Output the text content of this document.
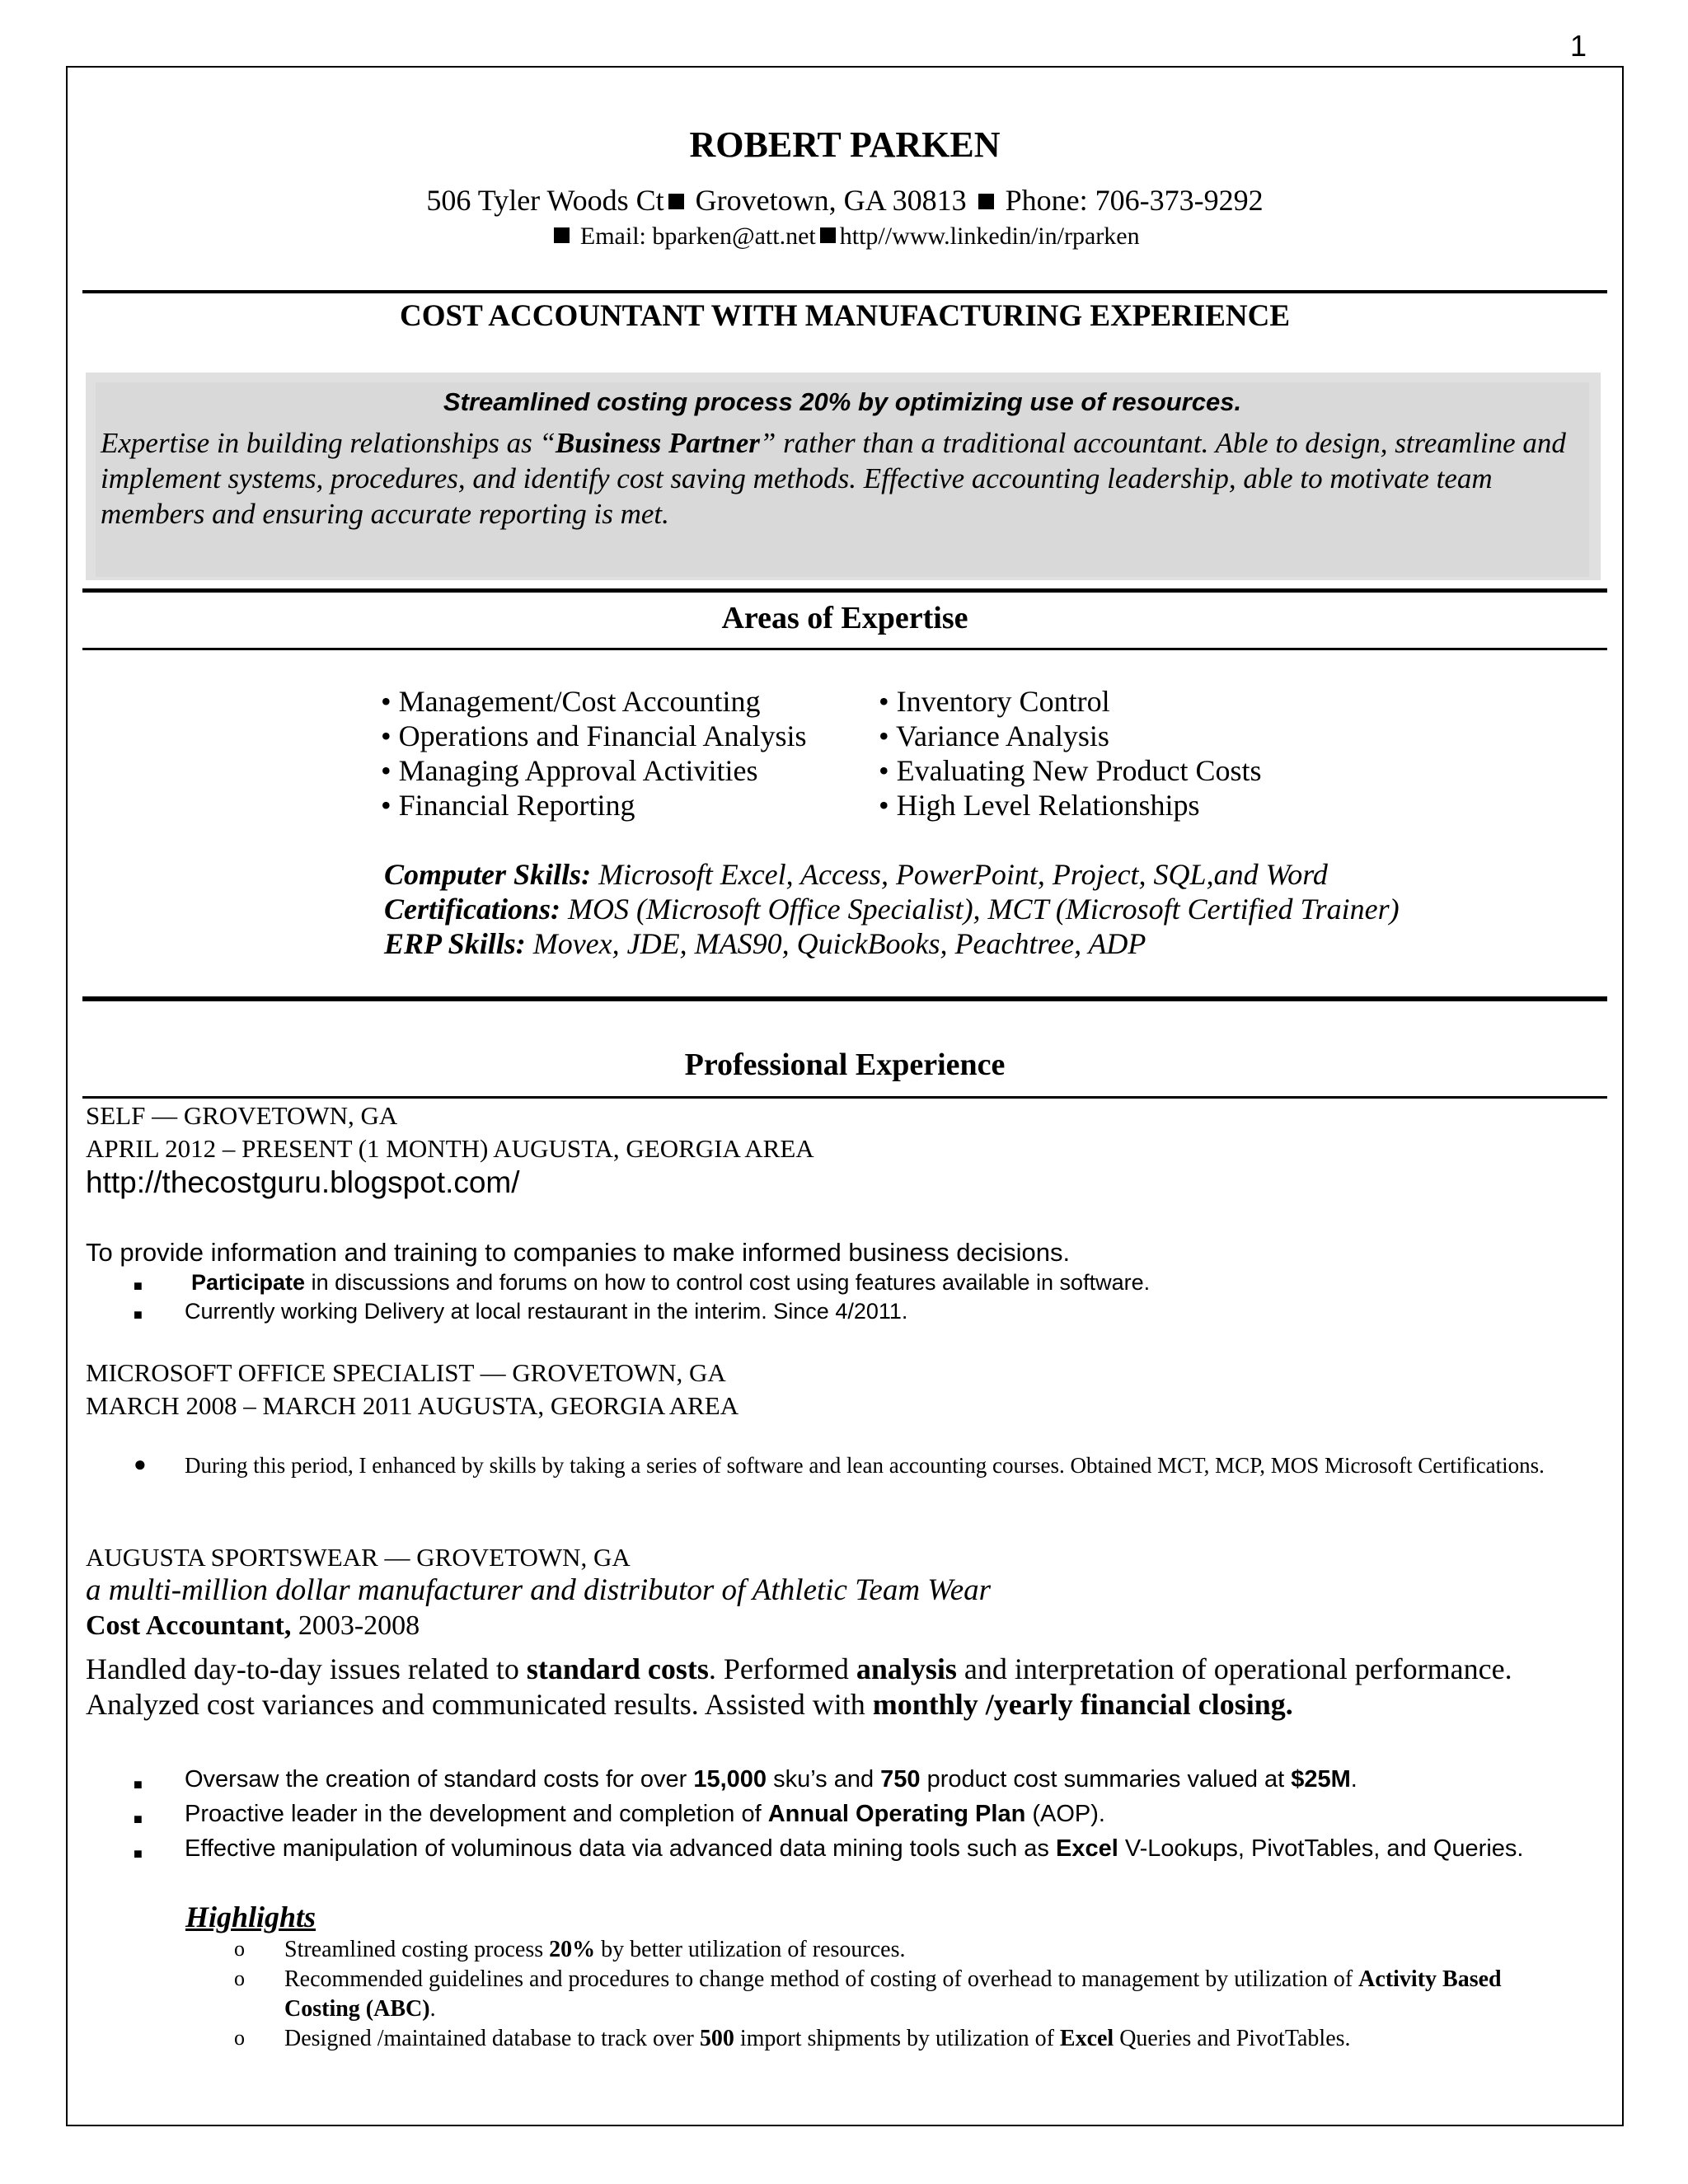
1
ROBERT PARKEN
506 Tyler Woods Ct Grovetown, GA 30813 Phone: 706-373-9292
Email: bparken@att.net http//www.linkedin/in/rparken
COST ACCOUNTANT WITH MANUFACTURING EXPERIENCE
Streamlined costing process 20% by optimizing use of resources.
Expertise in building relationships as “Business Partner” rather than a traditional accountant. Able to design, streamline and implement systems, procedures, and identify cost saving methods. Effective accounting leadership, able to motivate team members and ensuring accurate reporting is met.
Areas of Expertise
• Management/Cost Accounting
• Operations and Financial Analysis
• Managing Approval Activities
• Financial Reporting
• Inventory Control
• Variance Analysis
• Evaluating New Product Costs
• High Level Relationships
Computer Skills: Microsoft Excel, Access, PowerPoint, Project, SQL,and Word
Certifications: MOS (Microsoft Office Specialist), MCT (Microsoft Certified Trainer)
ERP Skills: Movex, JDE, MAS90, QuickBooks, Peachtree, ADP
Professional Experience
SELF — GROVETOWN, GA
APRIL 2012 – PRESENT (1 MONTH) AUGUSTA, GEORGIA AREA
http://thecostguru.blogspot.com/
To provide information and training to companies to make informed business decisions.
■ Participate in discussions and forums on how to control cost using features available in software.
■ Currently working Delivery at local restaurant in the interim. Since 4/2011.
MICROSOFT OFFICE SPECIALIST — GROVETOWN, GA
MARCH 2008 – MARCH 2011 AUGUSTA, GEORGIA AREA
● During this period, I enhanced by skills by taking a series of software and lean accounting courses. Obtained MCT, MCP, MOS Microsoft Certifications.
AUGUSTA SPORTSWEAR — GROVETOWN, GA
a multi-million dollar manufacturer and distributor of Athletic Team Wear
Cost Accountant, 2003-2008
Handled day-to-day issues related to standard costs. Performed analysis and interpretation of operational performance. Analyzed cost variances and communicated results. Assisted with monthly /yearly financial closing.
■ Oversaw the creation of standard costs for over 15,000 sku’s and 750 product cost summaries valued at $25M.
■ Proactive leader in the development and completion of Annual Operating Plan (AOP).
■ Effective manipulation of voluminous data via advanced data mining tools such as Excel V-Lookups, PivotTables, and Queries.
Highlights
o Streamlined costing process 20% by better utilization of resources.
o Recommended guidelines and procedures to change method of costing of overhead to management by utilization of Activity Based Costing (ABC).
o Designed /maintained database to track over 500 import shipments by utilization of Excel Queries and PivotTables.
